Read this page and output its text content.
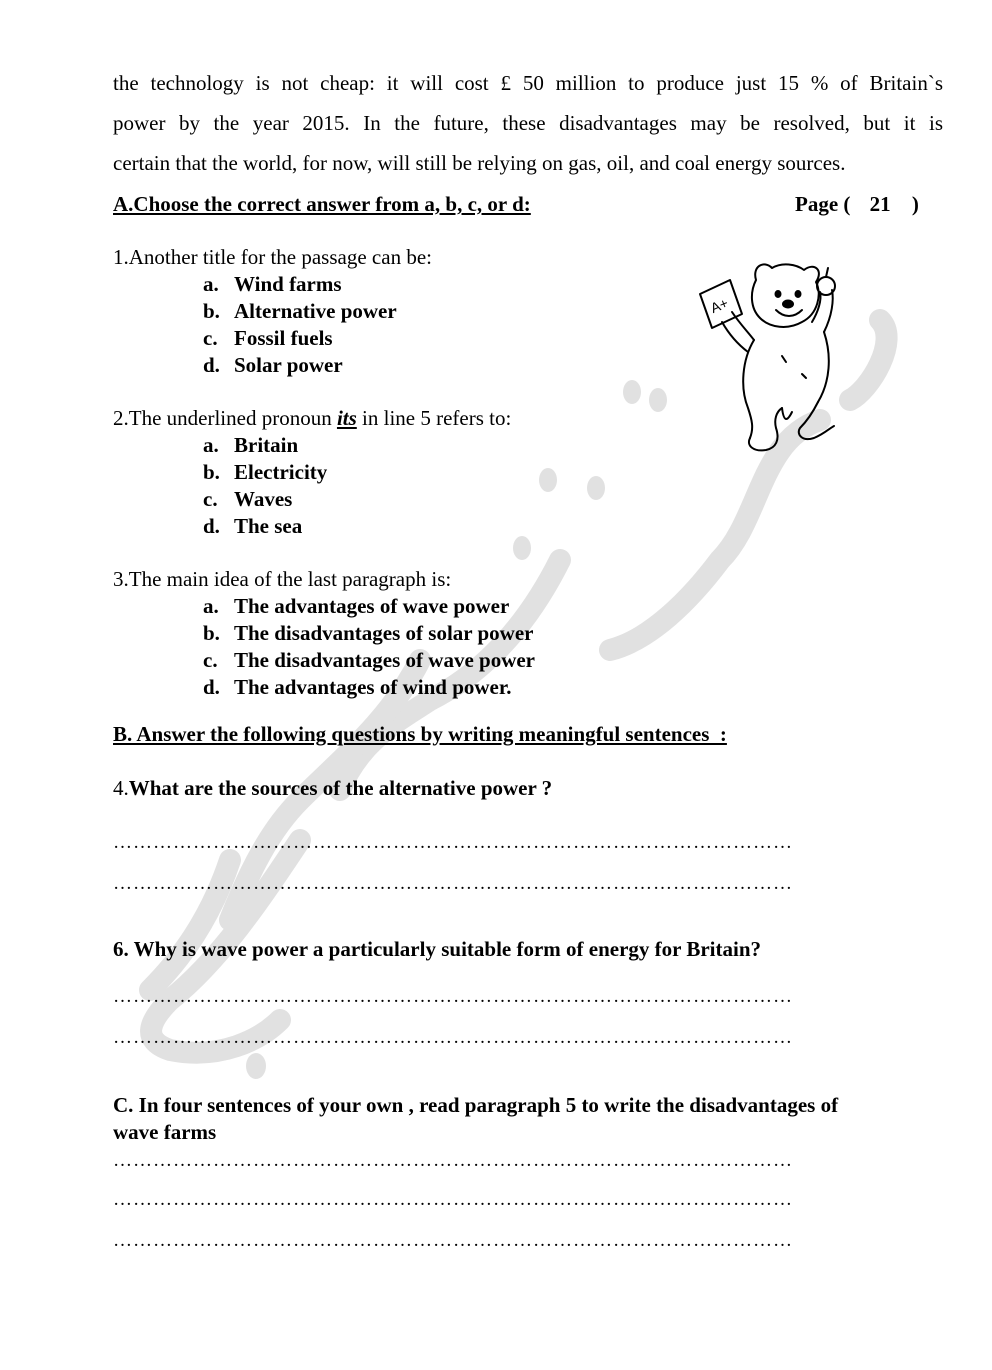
the technology is not cheap: it will cost £ 50 million to produce just 15 % of Britain`s
power by the year 2015. In the future, these disadvantages may be resolved, but it is
certain that the world, for now, will still be relying on gas, oil, and coal energy sources.
A.Choose the correct answer from a, b, c, or d:	Page ( 21 )
1.Another title for the passage can be:
a. Wind farms
b. Alternative power
c. Fossil fuels
d. Solar power
A+
2.The underlined pronoun its in line 5 refers to:
a. Britain
b. Electricity
c. Waves
d. The sea
3.The main idea of the last paragraph is:
a. The advantages of wave power
b. The disadvantages of solar power
c. The disadvantages of wave power
d. The advantages of wind power.
B. Answer the following questions by writing meaningful sentences  :
4.What are the sources of the alternative power ?
…………………………………………………………………………………………
…………………………………………………………………………………………
6. Why is wave power a particularly suitable form of energy for Britain?
…………………………………………………………………………………………
…………………………………………………………………………………………
C. In four sentences of your own , read paragraph 5 to write the disadvantages of
wave farms
…………………………………………………………………………………………
…………………………………………………………………………………………
…………………………………………………………………………………………
